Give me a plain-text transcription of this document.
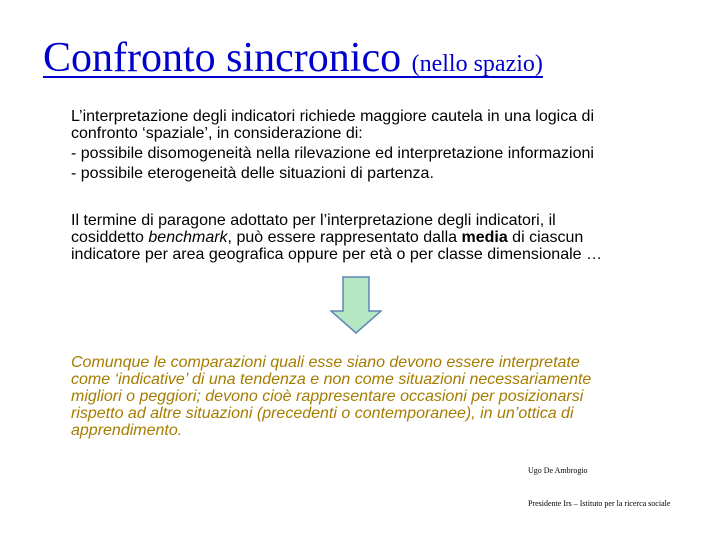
Confronto sincronico (nello spazio)
L’interpretazione degli indicatori richiede maggiore cautela in una logica di
confronto ‘spaziale’, in considerazione di:
- possibile disomogeneità nella rilevazione ed interpretazione informazioni
- possibile eterogeneità delle situazioni di partenza.
Il termine di paragone adottato per l’interpretazione degli indicatori, il
cosiddetto benchmark, può essere rappresentato dalla media di ciascun
indicatore per area geografica oppure per età o per classe dimensionale …
Comunque le comparazioni quali esse siano devono essere interpretate
come ‘indicative’ di una tendenza e non come situazioni necessariamente
migliori o peggiori; devono cioè rappresentare occasioni per posizionarsi
rispetto ad altre situazioni (precedenti o contemporanee), in un’ottica di
apprendimento.
Ugo De Ambrogio
Presidente Irs – Istituto per la ricerca sociale
